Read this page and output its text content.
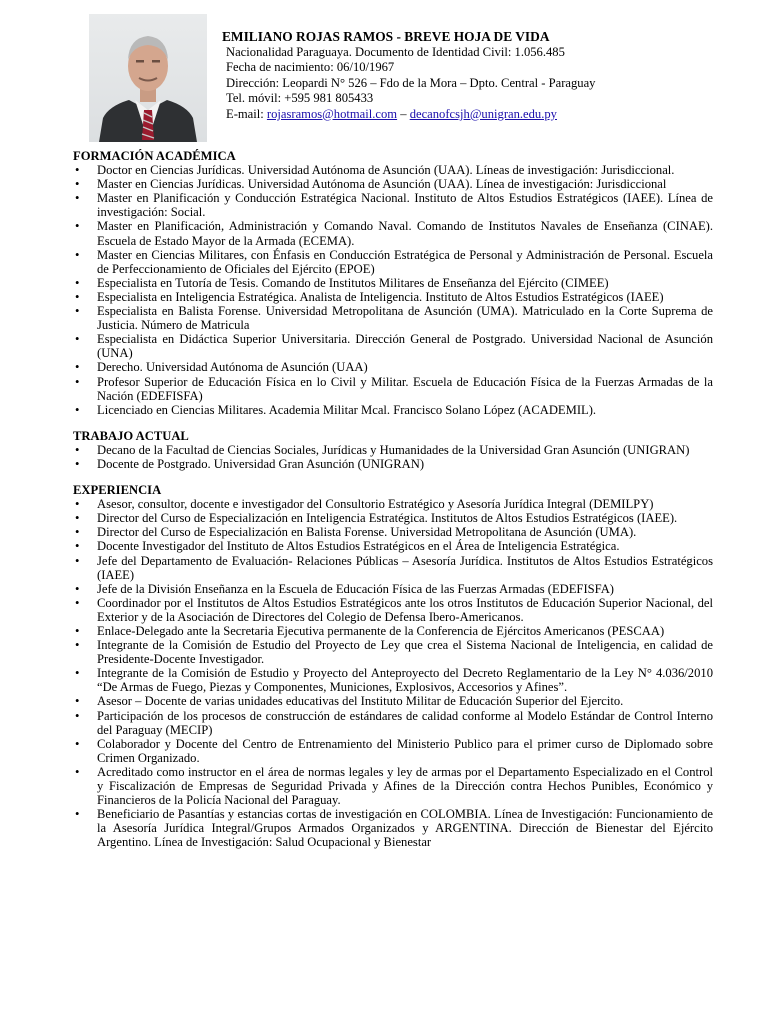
EMILIANO ROJAS RAMOS - BREVE HOJA DE VIDA
Nacionalidad Paraguaya. Documento de Identidad Civil: 1.056.485
Fecha de nacimiento: 06/10/1967
Dirección: Leopardi N° 526 – Fdo de la Mora – Dpto. Central - Paraguay
Tel. móvil: +595 981 805433
E-mail: rojasramos@hotmail.com – decanofcsjh@unigran.edu.py
FORMACIÓN ACADÉMICA
• Doctor en Ciencias Jurídicas. Universidad Autónoma de Asunción (UAA). Líneas de investigación: Jurisdiccional.
• Master en Ciencias Jurídicas. Universidad Autónoma de Asunción (UAA). Línea de investigación: Jurisdiccional
• Master en Planificación y Conducción Estratégica Nacional. Instituto de Altos Estudios Estratégicos (IAEE). Línea de investigación: Social.
• Master en Planificación, Administración y Comando Naval. Comando de Institutos Navales de Enseñanza (CINAE). Escuela de Estado Mayor de la Armada (ECEMA).
• Master en Ciencias Militares, con Énfasis en Conducción Estratégica de Personal y Administración de Personal. Escuela de Perfeccionamiento de Oficiales del Ejército (EPOE)
• Especialista en Tutoría de Tesis. Comando de Institutos Militares de Enseñanza del Ejército (CIMEE)
• Especialista en Inteligencia Estratégica. Analista de Inteligencia. Instituto de Altos Estudios Estratégicos (IAEE)
• Especialista en Balista Forense. Universidad Metropolitana de Asunción (UMA). Matriculado en la Corte Suprema de Justicia. Número de Matricula
• Especialista en Didáctica Superior Universitaria. Dirección General de Postgrado. Universidad Nacional de Asunción (UNA)
• Derecho. Universidad Autónoma de Asunción (UAA)
• Profesor Superior de Educación Física en lo Civil y Militar. Escuela de Educación Física de la Fuerzas Armadas de la Nación (EDEFISFA)
• Licenciado en Ciencias Militares. Academia Militar Mcal. Francisco Solano López (ACADEMIL).
TRABAJO ACTUAL
• Decano de la Facultad de Ciencias Sociales, Jurídicas y Humanidades de la Universidad Gran Asunción (UNIGRAN)
• Docente de Postgrado. Universidad Gran Asunción (UNIGRAN)
EXPERIENCIA
• Asesor, consultor, docente e investigador del Consultorio Estratégico y Asesoría Jurídica Integral (DEMILPY)
• Director del Curso de Especialización en Inteligencia Estratégica. Institutos de Altos Estudios Estratégicos (IAEE).
• Director del Curso de Especialización en Balista Forense. Universidad Metropolitana de Asunción (UMA).
• Docente Investigador del Instituto de Altos Estudios Estratégicos en el Área de Inteligencia Estratégica.
• Jefe del Departamento de Evaluación- Relaciones Públicas – Asesoría Jurídica. Institutos de Altos Estudios Estratégicos (IAEE)
• Jefe de la División Enseñanza en la Escuela de Educación Física de las Fuerzas Armadas (EDEFISFA)
• Coordinador por el Institutos de Altos Estudios Estratégicos ante los otros Institutos de Educación Superior Nacional, del Exterior y de la Asociación de Directores del Colegio de Defensa Ibero-Americanos.
• Enlace-Delegado ante la Secretaria Ejecutiva permanente de la Conferencia de Ejércitos Americanos (PESCAA)
• Integrante de la Comisión de Estudio del Proyecto de Ley que crea el Sistema Nacional de Inteligencia, en calidad de Presidente-Docente Investigador.
• Integrante de la Comisión de Estudio y Proyecto del Anteproyecto del Decreto Reglamentario de la Ley N° 4.036/2010 “De Armas de Fuego, Piezas y Componentes, Municiones, Explosivos, Accesorios y Afines”.
• Asesor – Docente de varias unidades educativas del Instituto Militar de Educación Superior del Ejercito.
• Participación de los procesos de construcción de estándares de calidad conforme al Modelo Estándar de Control Interno del Paraguay (MECIP)
• Colaborador y Docente del Centro de Entrenamiento del Ministerio Publico para el primer curso de Diplomado sobre Crimen Organizado.
• Acreditado como instructor en el área de normas legales y ley de armas por el Departamento Especializado en el Control y Fiscalización de Empresas de Seguridad Privada y Afines de la Dirección contra Hechos Punibles, Económico y Financieros de la Policía Nacional del Paraguay.
• Beneficiario de Pasantías y estancias cortas de investigación en COLOMBIA. Línea de Investigación: Funcionamiento de la Asesoría Jurídica Integral/Grupos Armados Organizados y ARGENTINA. Dirección de Bienestar del Ejército Argentino. Línea de Investigación: Salud Ocupacional y Bienestar
